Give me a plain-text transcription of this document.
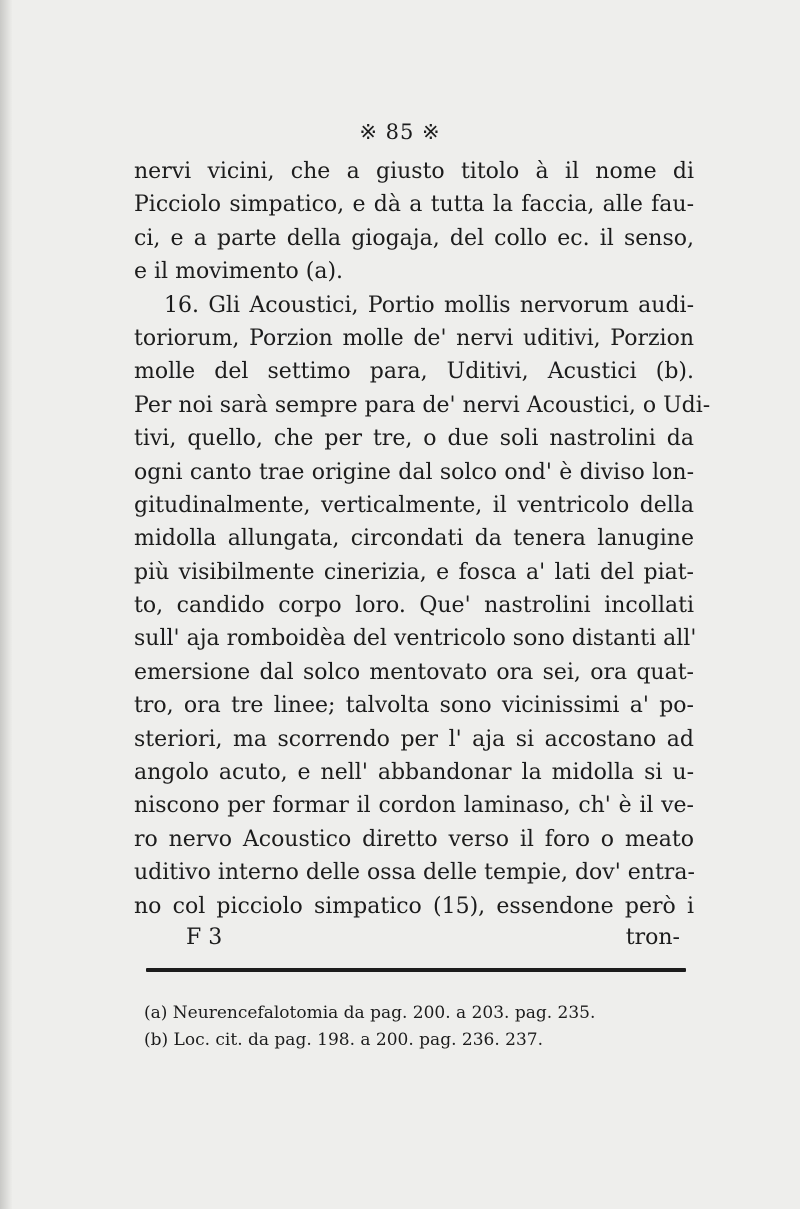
※ 85 ※
nervi vicini, che a giusto titolo à il nome di
Picciolo simpatico, e dà a tutta la faccia, alle fau-
ci, e a parte della giogaja, del collo ec. il senso,
e il movimento (a).
16. Gli Acoustici, Portio mollis nervorum audi-
toriorum, Porzion molle de' nervi uditivi, Porzion
molle del settimo para, Uditivi, Acustici (b).
Per noi sarà sempre para de' nervi Acoustici, o Udi-
tivi, quello, che per tre, o due soli nastrolini da
ogni canto trae origine dal solco ond' è diviso lon-
gitudinalmente, verticalmente, il ventricolo della
midolla allungata, circondati da tenera lanugine
più visibilmente cinerizia, e fosca a' lati del piat-
to, candido corpo loro. Que' nastrolini incollati
sull' aja romboidèa del ventricolo sono distanti all'
emersione dal solco mentovato ora sei, ora quat-
tro, ora tre linee; talvolta sono vicinissimi a' po-
steriori, ma scorrendo per l' aja si accostano ad
angolo acuto, e nell' abbandonar la midolla si u-
niscono per formar il cordon laminaso, ch' è il ve-
ro nervo Acoustico diretto verso il foro o meato
uditivo interno delle ossa delle tempie, dov' entra-
no col picciolo simpatico (15), essendone però i
F 3	tron-
(a) Neurencefalotomia da pag. 200. a 203. pag. 235.
(b) Loc. cit. da pag. 198. a 200. pag. 236. 237.
